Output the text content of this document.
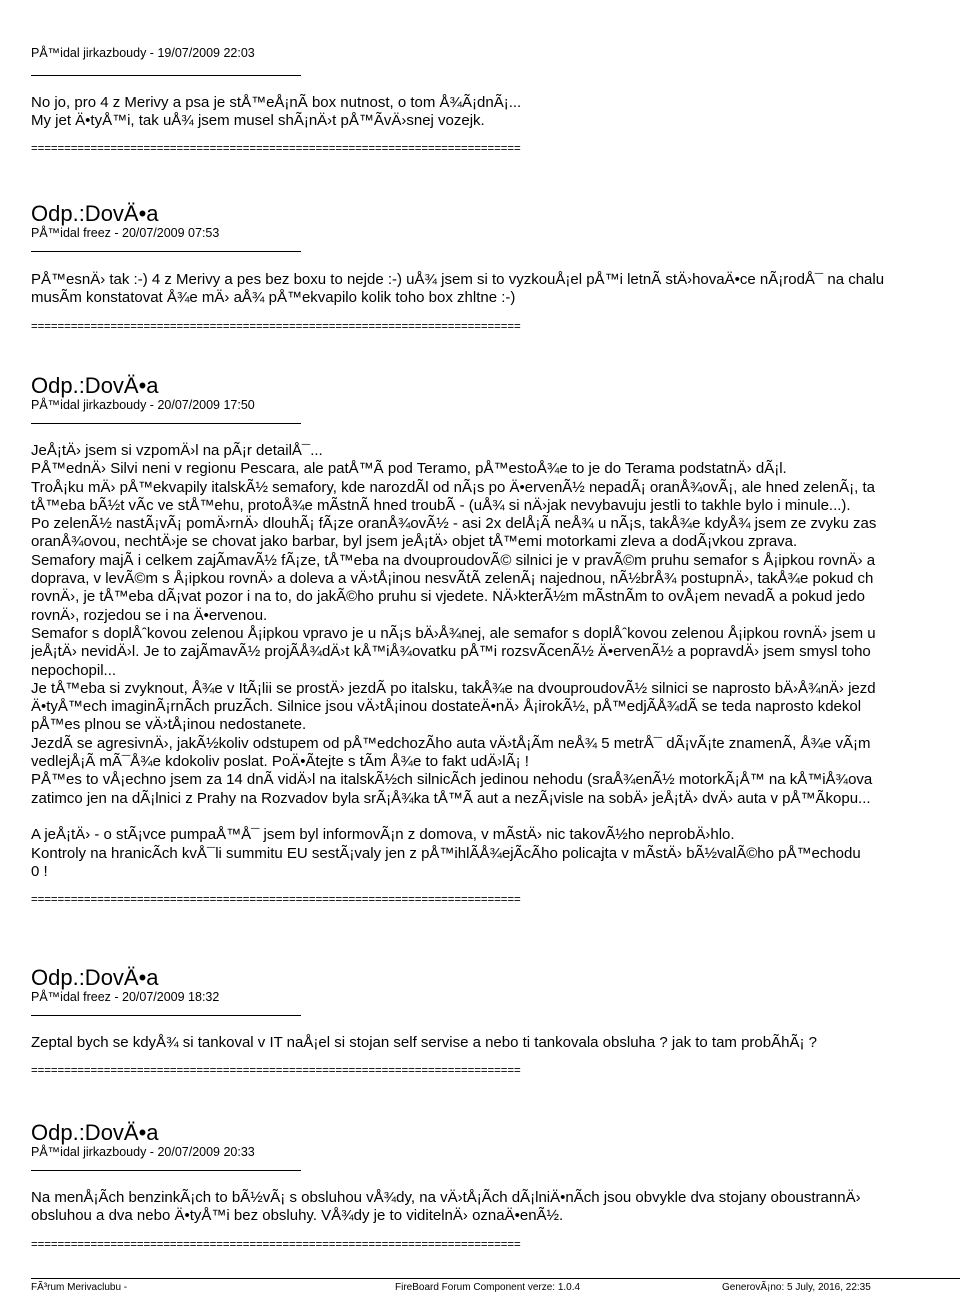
PÅ™idal jirkazboudy - 19/07/2009 22:03
No jo, pro 4 z Merivy a psa je stÅ™eÅ¡nÃ box nutnost, o tom Å¾Ã¡dnÃ¡...
My jet Ä•tyÅ™i, tak uÅ¾ jsem musel shÃ¡nÄ›t pÅ™ÃvÄ›snej vozejk.
==========================================================================
Odp.:DovÄ•a
PÅ™idal freez - 20/07/2009 07:53
PÅ™esnÄ› tak :-) 4 z Merivy a pes bez boxu to nejde :-) uÅ¾ jsem si to vyzkouÅ¡el pÅ™i letnÃ stÄ›hovaÄ•ce nÃ¡rodÅ¯ na chalu
musÃm konstatovat Å¾e mÄ› aÅ¾ pÅ™ekvapilo kolik toho box zhltne :-)
==========================================================================
Odp.:DovÄ•a
PÅ™idal jirkazboudy - 20/07/2009 17:50
JeÅ¡tÄ› jsem si vzpomÄ›l na pÃ¡r detailÅ¯...
PÅ™ednÄ› Silvi neni v regionu Pescara, ale patÅ™Ã pod Teramo, pÅ™estoÅ¾e to je do Terama podstatnÄ› dÃ¡l.
TroÅ¡ku mÄ› pÅ™ekvapily italskÃ½ semafory, kde narozdÃl od nÃ¡s po Ä•ervenÃ½ nepadÃ¡ oranÅ¾ovÃ¡, ale hned zelenÃ¡, ta
tÅ™eba bÃ½t vÃc ve stÅ™ehu, protoÅ¾e mÃstnÃ hned troubÃ - (uÅ¾ si nÄ›jak nevybavuju jestli to takhle bylo i minule...).
Po zelenÃ½ nastÃ¡vÃ¡ pomÄ›rnÄ› dlouhÃ¡ fÃ¡ze oranÅ¾ovÃ½ - asi 2x delÅ¡Ã neÅ¾ u nÃ¡s, takÅ¾e kdyÅ¾ jsem ze zvyku zas
oranÅ¾ovou, nechtÄ›je se chovat jako barbar, byl jsem jeÅ¡tÄ› objet tÅ™emi motorkami zleva a dodÃ¡vkou zprava.
Semafory majÃ i celkem zajÃmavÃ½ fÃ¡ze, tÅ™eba na dvouproudovÃ© silnici je v pravÃ©m pruhu semafor s Å¡ipkou rovnÄ› a
doprava, v levÃ©m s Å¡ipkou rovnÄ› a doleva a vÄ›tÅ¡inou nesvÃtÃ zelenÃ¡ najednou, nÃ½brÅ¾ postupnÄ›, takÅ¾e pokud ch
rovnÄ›, je tÅ™eba dÃ¡vat pozor i na to, do jakÃ©ho pruhu si vjedete. NÄ›kterÃ½m mÃstnÃm to ovÅ¡em nevadÃ a pokud jedo
rovnÄ›, rozjedou se i na Ä•ervenou.
Semafor s doplÅˆkovou zelenou Å¡ipkou vpravo je u nÃ¡s bÄ›Å¾nej, ale semafor s doplÅˆkovou zelenou Å¡ipkou rovnÄ› jsem u
jeÅ¡tÄ› nevidÄ›l. Je to zajÃmavÃ½ projÃÅ¾dÄ›t kÅ™iÅ¾ovatku pÅ™i rozsvÃcenÃ½ Ä•ervenÃ½ a popravdÄ› jsem smysl toho
nepochopil...
Je tÅ™eba si zvyknout, Å¾e v ItÃ¡lii se prostÄ› jezdÃ po italsku, takÅ¾e na dvouproudovÃ½ silnici se naprosto bÄ›Å¾nÄ› jezd
Ä•tyÅ™ech imaginÃ¡rnÃch pruzÃch. Silnice jsou vÄ›tÅ¡inou dostateÄ•nÄ› Å¡irokÃ½, pÅ™edjÃÅ¾dÃ se teda naprosto kdekol
pÅ™es plnou se vÄ›tÅ¡inou nedostanete.
JezdÃ se agresivnÄ›, jakÃ½koliv odstupem od pÅ™edchozÃho auta vÄ›tÅ¡Ãm neÅ¾ 5 metrÅ¯ dÃ¡vÃ¡te znamenÃ, Å¾e vÃ¡m
vedlejÅ¡Ã mÃ¯Å¾e kdokoliv poslat. PoÄ•Ãtejte s tÃm Å¾e to fakt udÄ›lÃ¡ !
PÅ™es to vÅ¡echno jsem za 14 dnÃ vidÄ›l na italskÃ½ch silnicÃch jedinou nehodu (sraÅ¾enÃ½ motorkÃ¡Å™ na kÅ™iÅ¾ova
zatimco jen na dÃ¡lnici z Prahy na Rozvadov byla srÃ¡Å¾ka tÅ™Ã aut a nezÃ¡visle na sobÄ› jeÅ¡tÄ› dvÄ› auta v pÅ™Ãkopu...
A jeÅ¡tÄ› - o stÃ¡vce pumpaÅ™Å¯ jsem byl informovÃ¡n z domova, v mÃstÄ› nic takovÃ½ho neprobÄ›hlo.
Kontroly na hranicÃch kvÅ¯li summitu EU sestÃ¡valy jen z pÅ™ihlÃÅ¾ejÃcÃho policajta v mÃstÄ› bÃ½valÃ©ho pÅ™echodu
0 !
==========================================================================
Odp.:DovÄ•a
PÅ™idal freez - 20/07/2009 18:32
Zeptal bych se kdyÅ¾ si tankoval v IT naÅ¡el si stojan self servise a nebo ti tankovala obsluha ? jak to tam probÃhÃ¡ ?
==========================================================================
Odp.:DovÄ•a
PÅ™idal jirkazboudy - 20/07/2009 20:33
Na menÅ¡Ãch benzinkÃ¡ch to bÃ½vÃ¡ s obsluhou vÅ¾dy, na vÄ›tÅ¡Ãch dÃ¡lniÄ•nÃch jsou obvykle dva stojany oboustrannÄ›
obsluhou a dva nebo Ä•tyÅ™i bez obsluhy. VÅ¾dy je to viditelnÄ› oznaÄ•enÃ½.
==========================================================================
FÃ³rum Merivaclubu -	FireBoard Forum Component verze: 1.0.4	GenerovÃ¡no: 5 July, 2016, 22:35
